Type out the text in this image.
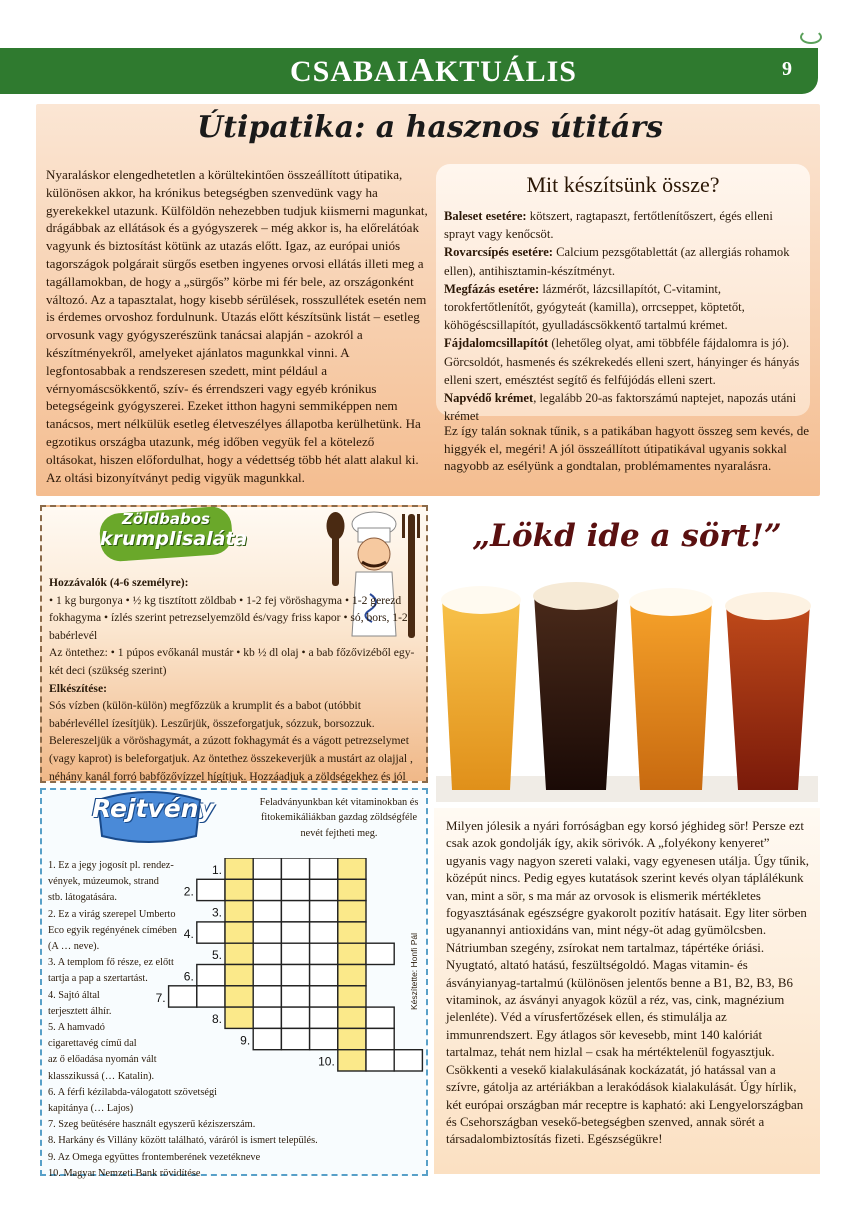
CSABAIAKTUÁLIS	9
Útipatika: a hasznos útitárs
Nyaraláskor elengedhetetlen a körültekintően összeállított útipatika, különösen akkor, ha krónikus betegségben szenvedünk vagy ha gyerekekkel utazunk. Külföldön nehezebben tudjuk kiismerni magunkat, drágábbak az ellátások és a gyógyszerek – még akkor is, ha előrelátóak vagyunk és biztosítást kötünk az utazás előtt. Igaz, az európai uniós tagországok polgárait sürgős esetben ingyenes orvosi ellátás illeti meg a tagállamokban, de hogy a „sürgős” körbe mi fér bele, az országonként változó. Az a tapasztalat, hogy kisebb sérülések, rosszullétek esetén nem is érdemes orvoshoz fordulnunk. Utazás előtt készítsünk listát – esetleg orvosunk vagy gyógyszerészünk tanácsai alapján - azokról a készítményekről, amelyeket ajánlatos magunkkal vinni. A legfontosabbak a rendszeresen szedett, mint például a vérnyomáscsökkentő, szív- és érrendszeri vagy egyéb krónikus betegségeink gyógyszerei. Ezeket itthon hagyni semmiképpen nem tanácsos, mert nélkülük esetleg életveszélyes állapotba kerülhetünk. Ha egzotikus országba utazunk, még időben vegyük fel a kötelező oltásokat, hiszen előfordulhat, hogy a védettség több hét alatt alakul ki. Az oltási bizonyítványt pedig vigyük magunkkal.
Mit készítsünk össze?

Baleset esetére: kötszert, ragtapaszt, fertőtlenítőszert, égés elleni sprayt vagy kenőcsöt.

Rovarcsípés esetére: Calcium pezsgőtablettát (az allergiás rohamok ellen), antihisztamin-készítményt.

Megfázás esetére: lázmérőt, lázcsillapítót, C-vitamint, torokfertőtlenítőt, gyógyteát (kamilla), orrcseppet, köptetőt, köhögéscsillapítót, gyulladáscsökkentő tartalmú krémet.

Fájdalomcsillapítót (lehetőleg olyat, ami többféle fájdalomra is jó). Görcsoldót, hasmenés és székrekedés elleni szert, hányinger és hányás elleni szert, emésztést segítő és felfújódás elleni szert.

Napvédő krémet, legalább 20-as faktorszámú naptejet, napozás utáni krémet

Ez így talán soknak tűnik, s a patikában hagyott összeg sem kevés, de higgyék el, megéri! A jól összeállított útipatikával ugyanis sokkal nagyobb az esélyünk a gondtalan, problémamentes nyaralásra.
Zöldbabos
krumplisaláta
Hozzávalók (4-6 személyre):
• 1 kg burgonya • ½ kg tisztított zöldbab • 1-2 fej vöröshagyma • 1-2 gerezd fokhagyma • ízlés szerint petrezselyemzöld és/vagy friss kapor • só, bors, 1-2 babérlevél
Az öntethez: • 1 púpos evőkanál mustár • kb ½ dl olaj • a bab főzővizéből egy-két deci (szükség szerint)
Elkészítése:
Sós vízben (külön-külön) megfőzzük a krumplit és a babot (utóbbit babérlevéllel ízesítjük). Leszűrjük, összeforgatjuk, sózzuk, borsozzuk. Belereszeljük a vöröshagymát, a zúzott fokhagymát és a vágott petrezselymet (vagy kaprot) is beleforgatjuk. Az öntethez összekeverjük a mustárt az olajjal , néhány kanál forró babfőzővízzel hígítjuk. Hozzáadjuk a zöldségekhez és jól
„Lökd ide a sört!”
Milyen jólesik a nyári forróságban egy korsó jéghideg sör! Persze ezt csak azok gondolják így, akik sörivók. A „folyékony kenyeret” ugyanis vagy nagyon szereti valaki, vagy egyenesen utálja. Úgy tűnik, középút nincs. Pedig egyes kutatások szerint kevés olyan táplálékunk van, mint a sör, s ma már az orvosok is elismerik mértékletes fogyasztásának egészségre gyakorolt pozitív hatásait. Egy liter sörben ugyanannyi antioxidáns van, mint négy-öt adag gyümölcsben. Nátriumban szegény, zsírokat nem tartalmaz, tápértéke óriási. Nyugtató, altató hatású, feszültségoldó. Magas vitamin- és ásványianyag-tartalmú (különösen jelentős benne a B1, B2, B3, B6 vitaminok, az ásványi anyagok közül a réz, vas, cink, magnézium jelenléte). Véd a vírusfertőzések ellen, és stimulálja az immunrendszert. Egy átlagos sör kevesebb, mint 140 kalóriát tartalmaz, tehát nem hizlal – csak ha mértéktelenül fogyasztjuk. Csökkenti a vesekő kialakulásának kockázatát, jó hatással van a szívre, gátolja az artériákban a lerakódások kialakulását. Úgy hírlik, két európai országban már receptre is kapható: aki Lengyelországban és Csehországban vesekő-betegségben szenved, annak sörét a társadalombiztosítás fizeti. Egészségükre!
Rejtvény	Feladványunkban két vitaminokban és fitokemikáliákban gazdag zöldségféle nevét fejtheti meg.
1.
2.
3.
4.
5.
6.
7.
8.
9.
10.
1. Ez a jegy jogosít pl. rendez-
vények, múzeumok, strand
stb. látogatására.
2. Ez a virág szerepel Umberto
Eco egyik regényének címében
(A … neve).
3. A templom fő része, ez előtt
tartja a pap a szertartást.
4. Sajtó által
terjesztett álhír.
5. A hamvadó
cigarettavég című dal
az ő előadása nyomán vált
klasszikussá (… Katalin).
6. A férfi kézilabda-válogatott szövetségi
kapitánya (… Lajos)
7. Szeg beütésére használt egyszerű kéziszerszám.
8. Harkány és Villány között található, váráról is ismert település.
9. Az Omega együttes frontemberének vezetékneve
10. Magyar Nemzeti Bank rövidítése
Készítette: Honfi Pál
